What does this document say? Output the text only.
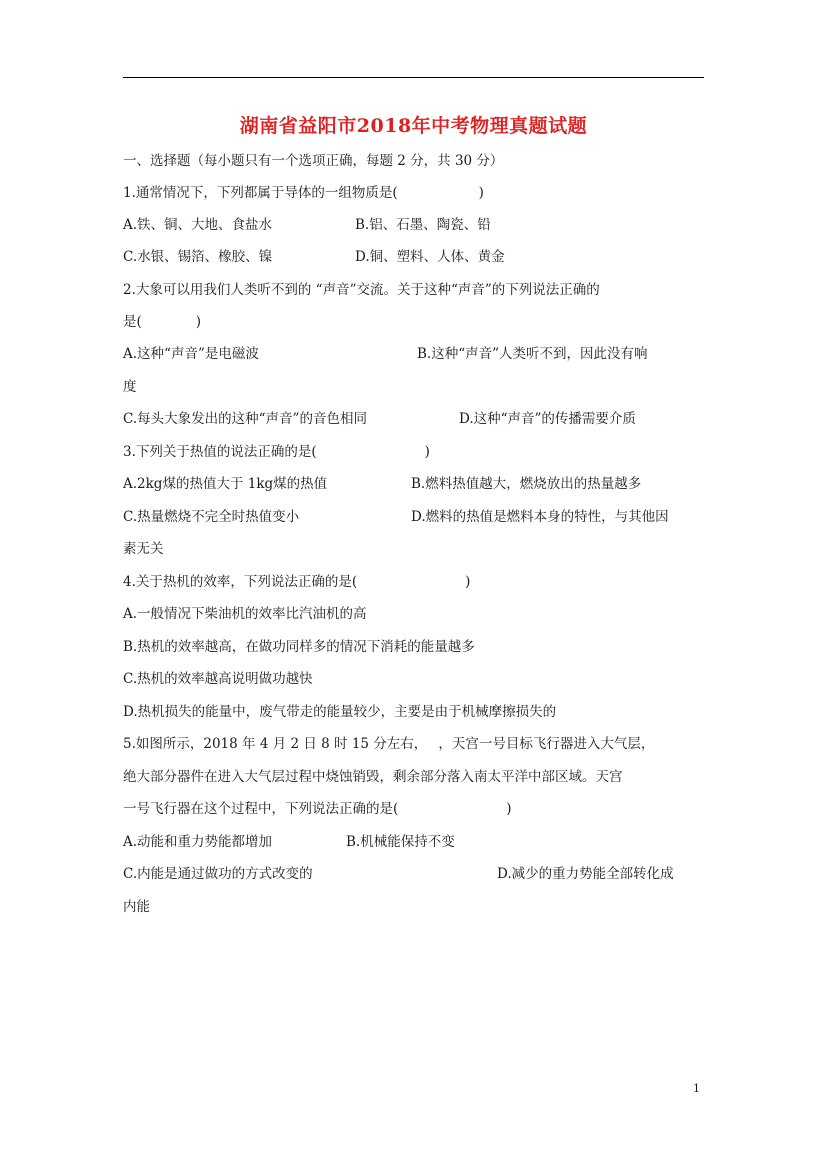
湖南省益阳市2018年中考物理真题试题
一、选择题（每小题只有一个选项正确，每题 2 分，共 30 分）
1.通常情况下，下列都属于导体的一组物质是(　　　　　　)
A.铁、铜、大地、食盐水	B.铝、石墨、陶瓷、铅
C.水银、锡箔、橡胶、镍	D.铜、塑料、人体、黄金
2.大象可以用我们人类听不到的 “声音”交流。关于这种“声音”的下列说法正确的
是(　　　　)
A.这种“声音”是电磁波	B.这种“声音”人类听不到，因此没有响
度
C.每头大象发出的这种“声音”的音色相同	D.这种“声音”的传播需要介质
3.下列关于热值的说法正确的是(　　　　　　　　)
A.2kg煤的热值大于 1kg煤的热值	B.燃料热值越大，燃烧放出的热量越多
C.热量燃烧不完全时热值变小	D.燃料的热值是燃料本身的特性，与其他因
素无关
4.关于热机的效率，下列说法正确的是(　　　　　　　　)
A.一般情况下柴油机的效率比汽油机的高
B.热机的效率越高，在做功同样多的情况下消耗的能量越多
C.热机的效率越高说明做功越快
D.热机损失的能量中，废气带走的能量较少，主要是由于机械摩擦损失的
5.如图所示，2018 年 4 月 2 日 8 时 15 分左右，　 ，天宫一号目标飞行器进入大气层，
绝大部分器件在进入大气层过程中烧蚀销毁，剩余部分落入南太平洋中部区域。天宫
一号飞行器在这个过程中，下列说法正确的是(　　　　　　　　)
A.动能和重力势能都增加	B.机械能保持不变
C.内能是通过做功的方式改变的	D.减少的重力势能全部转化成
内能
1
